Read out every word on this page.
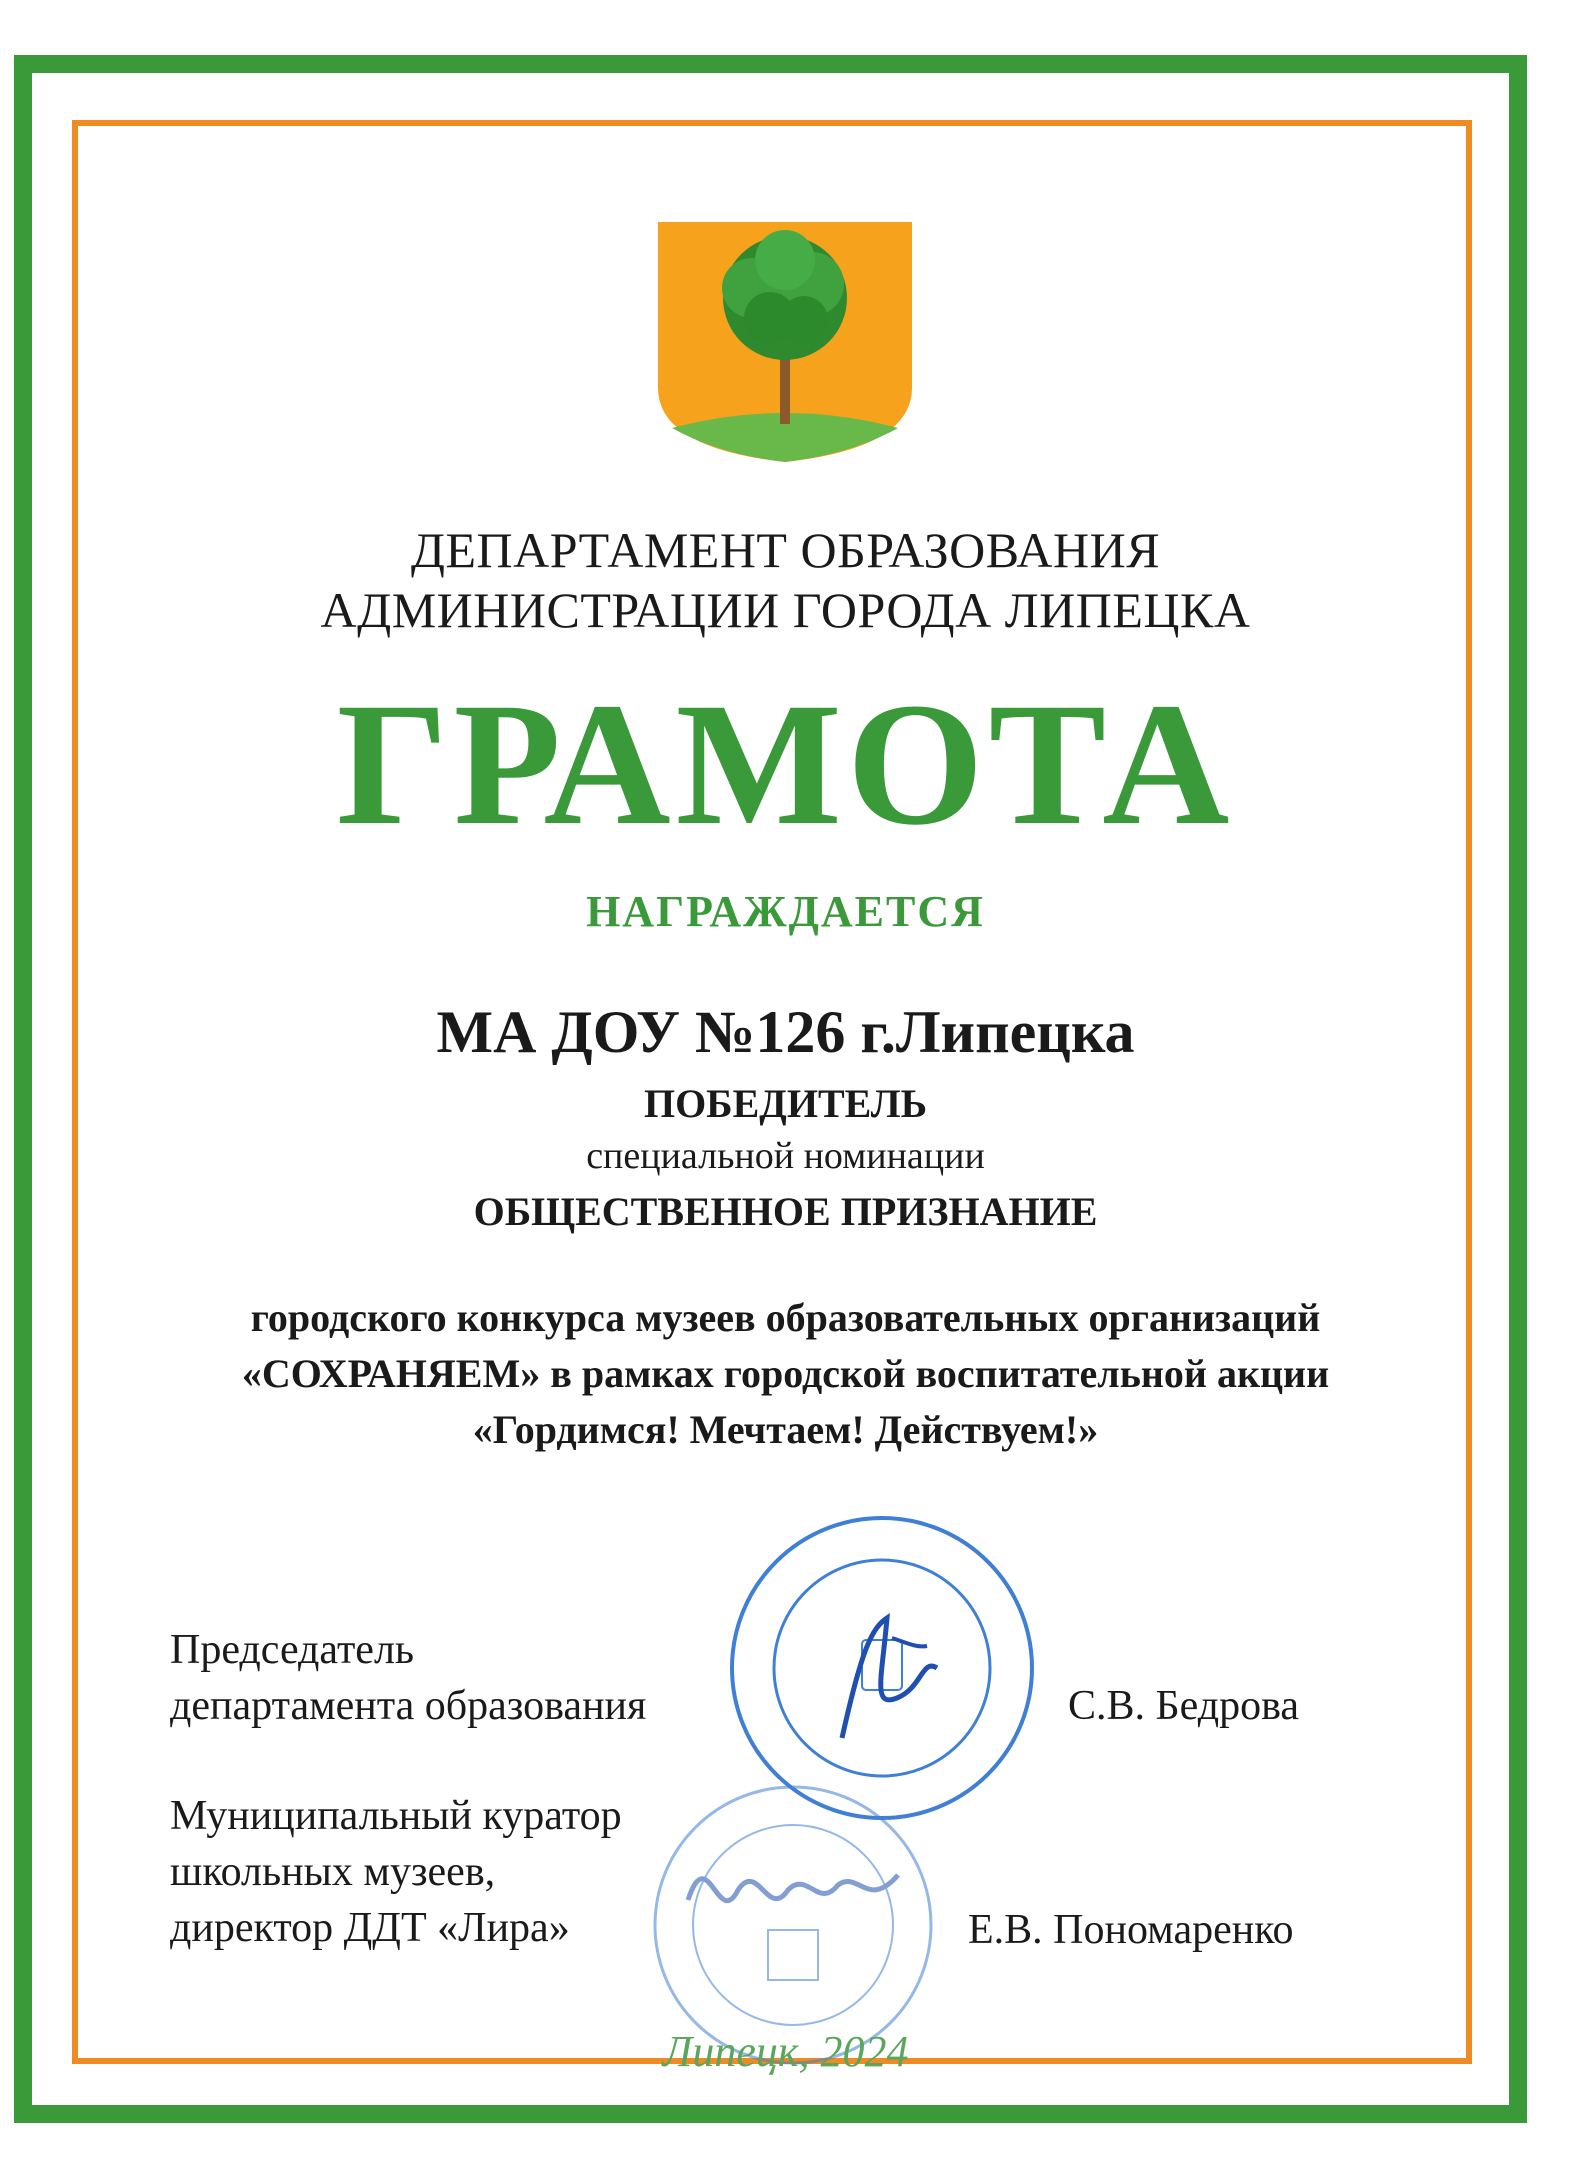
ДЕПАРТАМЕНТ ОБРАЗОВАНИЯ
АДМИНИСТРАЦИИ ГОРОДА ЛИПЕЦКА
ГРАМОТА
НАГРАЖДАЕТСЯ
МА ДОУ №126 г.Липецка
ПОБЕДИТЕЛЬ
специальной номинации
ОБЩЕСТВЕННОЕ ПРИЗНАНИЕ
городского конкурса музеев образовательных организаций
«СОХРАНЯЕМ» в рамках городской воспитательной акции
«Гордимся! Мечтаем! Действуем!»
Председатель
департамента образования	С.В. Бедрова
Муниципальный куратор
школьных музеев,
директор ДДТ «Лира»	Е.В. Пономаренко
Липецк, 2024
